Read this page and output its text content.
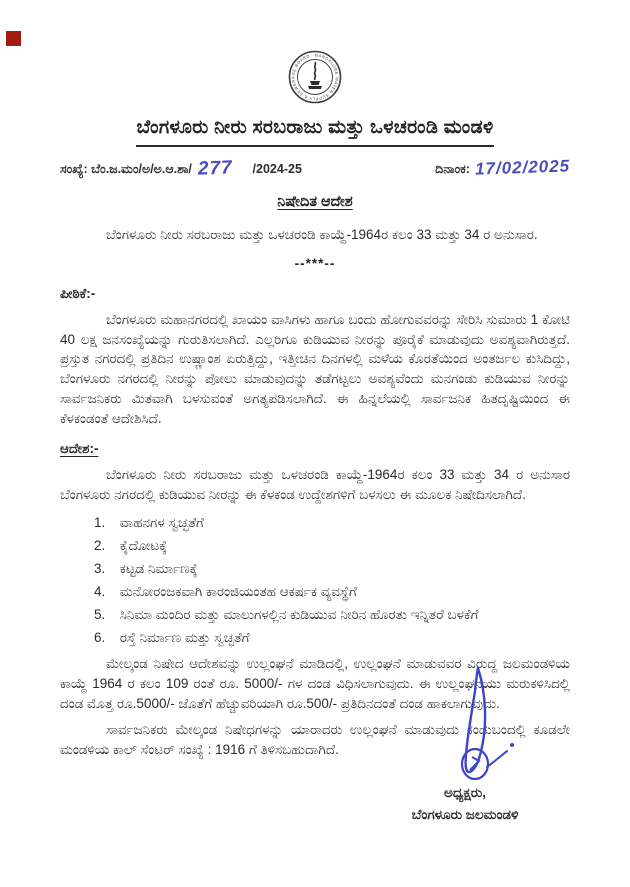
BANGALORE WATER SUPPLY & SEWERAGE BOARD
ಬೆಂಗಳೂರು ನೀರು ಸರಬರಾಜು ಮತ್ತು ಒಳಚರಂಡಿ ಮಂಡಳಿ
ಸಂಖ್ಯೆ: ಬೆಂ.ಜ.ಮಂ/ಅ/ಅ.ಆ.ಶಾ/ 277 /2024-25	ದಿನಾಂಕ: 17/02/2025
ನಿಷೇದಿತ ಆದೇಶ
ಬೆಂಗಳೂರು ನೀರು ಸರಬರಾಜು ಮತ್ತು ಒಳಚರಂಡಿ ಕಾಯ್ದೆ-1964ರ ಕಲಂ 33 ಮತ್ತು 34 ರ ಅನುಸಾರ.
--***--
ಪೀಠಿಕೆ:-

ಬೆಂಗಳೂರು ಮಹಾನಗರದಲ್ಲಿ ಖಾಯಂ ವಾಸಿಗಳು ಹಾಗೂ ಬಂದು ಹೋಗುವವರನ್ನು ಸೇರಿಸಿ ಸುಮಾರು 1 ಕೋಟಿ 40 ಲಕ್ಷ ಜನಸಂಖ್ಯೆಯನ್ನು ಗುರುತಿಸಲಾಗಿದೆ. ಎಲ್ಲರಿಗೂ ಕುಡಿಯುವ ನೀರನ್ನು ಪೂರೈಕೆ ಮಾಡುವುದು ಅವಶ್ಯವಾಗಿರುತ್ತದೆ. ಪ್ರಸ್ತುತ ನಗರದಲ್ಲಿ ಪ್ರತಿದಿನ ಉಷ್ಣಾಂಶ ಏರುತ್ತಿದ್ದು, ಇತ್ತೀಚಿನ ದಿನಗಳಲ್ಲಿ ಮಳೆಯ ಕೊರತೆಯಿಂದ ಅಂತರ್ಜಲ ಕುಸಿದಿದ್ದು, ಬೆಂಗಳೂರು ನಗರದಲ್ಲಿ ನೀರನ್ನು ಪೋಲು ಮಾಡುವುದನ್ನು ತಡೆಗಟ್ಟಲು ಅವಶ್ಯವೆಂದು ಮನಗಂಡು ಕುಡಿಯುವ ನೀರನ್ನು ಸಾರ್ವಜನಿಕರು ಮಿತವಾಗಿ ಬಳಸುವಂತೆ ಅಗತ್ಯಪಡಿಸಲಾಗಿದೆ. ಈ ಹಿನ್ನಲೆಯಲ್ಲಿ ಸಾರ್ವಜನಿಕ ಹಿತದೃಷ್ಟಿಯಿಂದ ಈ ಕೆಳಕಂಡಂತೆ ಆದೇಶಿಸಿದೆ.

ಆದೇಶ:-

ಬೆಂಗಳೂರು ನೀರು ಸರಬರಾಜು ಮತ್ತು ಒಳಚರಂಡಿ ಕಾಯ್ದೆ-1964ರ ಕಲಂ 33 ಮತ್ತು 34 ರ ಅನುಸಾರ ಬೆಂಗಳೂರು ನಗರದಲ್ಲಿ ಕುಡಿಯುವ ನೀರನ್ನು ಈ ಕೆಳಕಂಡ ಉದ್ದೇಶಗಳಿಗೆ ಬಳಸಲು ಈ ಮೂಲಕ ನಿಷೇದಿಸಲಾಗಿದೆ.

1. ವಾಹನಗಳ ಸ್ವಚ್ಛತೆಗೆ
2. ಕೈದೋಟಕ್ಕೆ
3. ಕಟ್ಟಡ ನಿರ್ಮಾಣಕ್ಕೆ
4. ಮನೋರಂಜಕವಾಗಿ ಕಾರಂಜಿಯಂತಹ ಆಕರ್ಷಕ ವ್ಯವಸ್ಥೆಗೆ
5. ಸಿನಿಮಾ ಮಂದಿರ ಮತ್ತು ಮಾಲುಗಳಲ್ಲಿನ ಕುಡಿಯುವ ನೀರಿನ ಹೊರತು ಇನ್ನಿತರೆ ಬಳಕೆಗೆ
6. ರಸ್ತೆ ನಿರ್ಮಾಣ ಮತ್ತು ಸ್ವಚ್ಛತೆಗೆ

ಮೇಲ್ಕಂಡ ನಿಷೇದ ಆದೇಶವನ್ನು ಉಲ್ಲಂಘನೆ ಮಾಡಿದಲ್ಲಿ, ಉಲ್ಲಂಘನೆ ಮಾಡುವವರ ವಿರುದ್ದ ಜಲಮಂಡಳಿಯ ಕಾಯ್ದೆ 1964 ರ ಕಲಂ 109 ರಂತೆ ರೂ. 5000/- ಗಳ ದಂಡ ವಿಧಿಸಲಾಗುವುದು. ಈ ಉಲ್ಲಂಘನೆಯು ಮರುಕಳಿಸಿದಲ್ಲಿ ದಂಡ ಮೊತ್ತ ರೂ.5000/- ಜೊತೆಗೆ ಹೆಚ್ಚುವರಿಯಾಗಿ ರೂ.500/- ಪ್ರತಿದಿನದಂತೆ ದಂಡ ಹಾಕಲಾಗುವುದು.

ಸಾರ್ವಜನಿಕರು ಮೇಲ್ಕಂಡ ನಿಷೇಧಗಳನ್ನು ಯಾರಾದರು ಉಲ್ಲಂಘನೆ ಮಾಡುವುದು ಕಂಡುಬಂದಲ್ಲಿ ಕೂಡಲೇ ಮಂಡಳಿಯ ಕಾಲ್ ಸೆಂಟರ್ ಸಂಖ್ಯೆ : 1916 ಗೆ ತಿಳಿಸಬಹುದಾಗಿದೆ.

ಅಧ್ಯಕ್ಷರು,
ಬೆಂಗಳೂರು ಜಲಮಂಡಳಿ
